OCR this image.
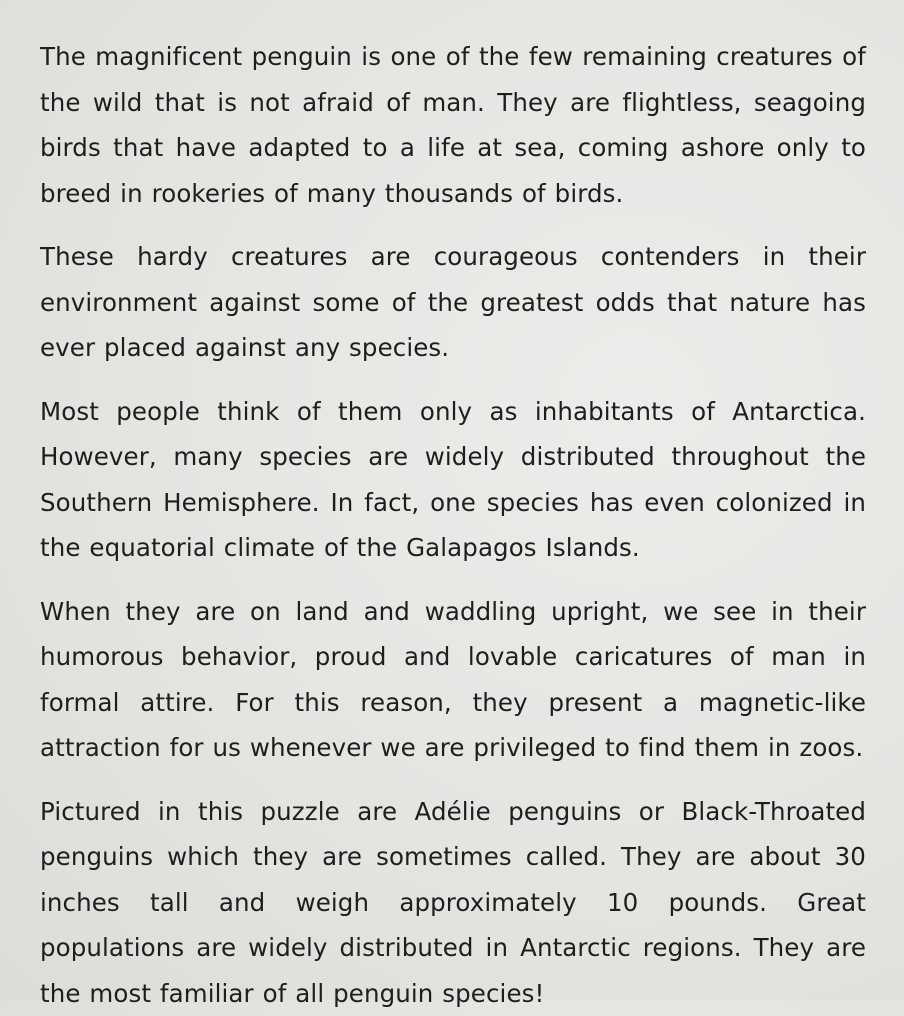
The magnificent penguin is one of the few remaining creatures of the wild that is not afraid of man. They are flightless, seagoing birds that have adapted to a life at sea, coming ashore only to breed in rookeries of many thousands of birds.

These hardy creatures are courageous contenders in their environment against some of the greatest odds that nature has ever placed against any species.

Most people think of them only as inhabitants of Antarctica. However, many species are widely distributed throughout the Southern Hemisphere. In fact, one species has even colonized in the equatorial climate of the Galapagos Islands.

When they are on land and waddling upright, we see in their humorous behavior, proud and lovable caricatures of man in formal attire. For this reason, they present a magnetic-like attraction for us whenever we are privileged to find them in zoos.

Pictured in this puzzle are Adélie penguins or Black-Throated penguins which they are sometimes called. They are about 30 inches tall and weigh approximately 10 pounds. Great populations are widely distributed in Antarctic regions. They are the most familiar of all penguin species!
